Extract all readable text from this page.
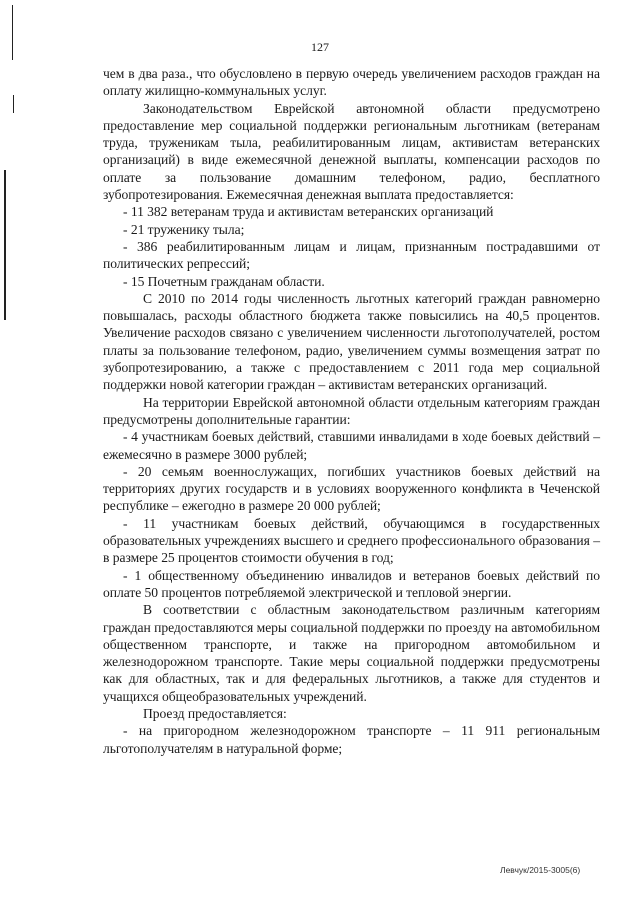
127

чем в два раза., что обусловлено в первую очередь увеличением расходов граждан на оплату жилищно-коммунальных услуг.

Законодательством Еврейской автономной области предусмотрено предоставление мер социальной поддержки региональным льготникам (ветеранам труда, труженикам тыла, реабилитированным лицам, активистам ветеранских организаций) в виде ежемесячной денежной выплаты, компенсации расходов по оплате за пользование домашним телефоном, радио, бесплатного зубопротезирования. Ежемесячная денежная выплата предоставляется:

- 11 382 ветеранам труда и активистам ветеранских организаций

- 21 труженику тыла;

- 386 реабилитированным лицам и лицам, признанным пострадавшими от политических репрессий;

- 15 Почетным гражданам области.

С 2010 по 2014 годы численность льготных категорий граждан равномерно повышалась, расходы областного бюджета также повысились на 40,5 процентов. Увеличение расходов связано с увеличением численности льготополучателей, ростом платы за пользование телефоном, радио, увеличением суммы возмещения затрат по зубопротезированию, а также с предоставлением с 2011 года мер социальной поддержки новой категории граждан – активистам ветеранских организаций.

На территории Еврейской автономной области отдельным категориям граждан предусмотрены дополнительные гарантии:

- 4 участникам боевых действий, ставшими инвалидами в ходе боевых действий – ежемесячно в размере 3000 рублей;

- 20 семьям военнослужащих, погибших участников боевых действий на территориях других государств и в условиях вооруженного конфликта в Чеченской республике – ежегодно в размере 20 000 рублей;

- 11 участникам боевых действий, обучающимся в государственных образовательных учреждениях высшего и среднего профессионального образования – в размере 25 процентов стоимости обучения в год;

- 1 общественному объединению инвалидов и ветеранов боевых действий по оплате 50 процентов потребляемой электрической и тепловой энергии.

В соответствии с областным законодательством различным категориям граждан предоставляются меры социальной поддержки по проезду на автомобильном общественном транспорте, и также на пригородном автомобильном и железнодорожном транспорте. Такие меры социальной поддержки предусмотрены как для областных, так и для федеральных льготников, а также для студентов и учащихся общеобразовательных учреждений.

Проезд предоставляется:

- на пригородном железнодорожном транспорте – 11 911 региональным льготополучателям в натуральной форме;

Левчук/2015-3005(6)
